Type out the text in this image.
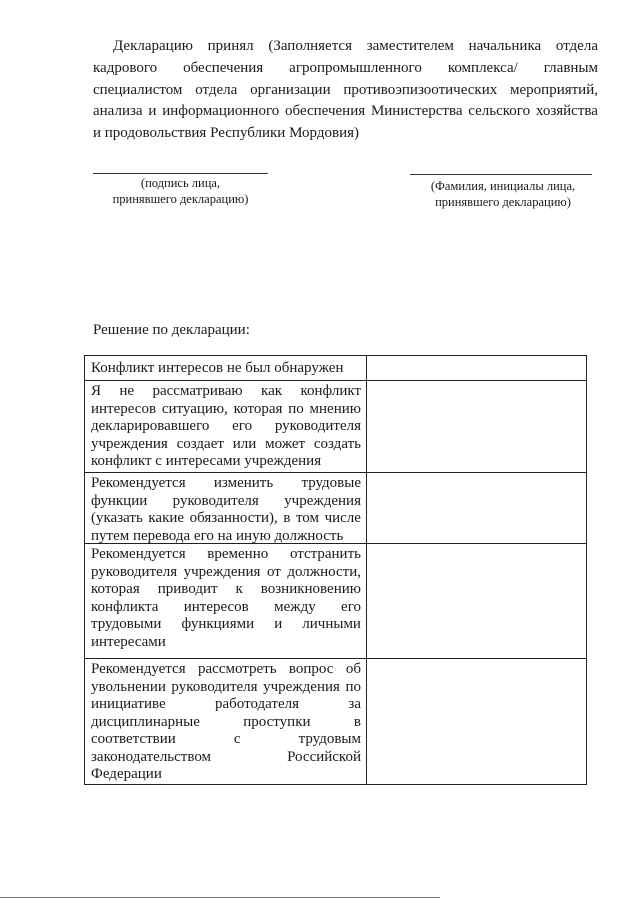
Декларацию принял (Заполняется заместителем начальника отдела
кадрового обеспечения агропромышленного комплекса/ главным
специалистом отдела организации противоэпизоотических мероприятий,
анализа и информационного обеспечения Министерства сельского хозяйства
и продовольствия Республики Мордовия)
(подпись лица,
принявшего декларацию)
(Фамилия, инициалы лица,
принявшего декларацию)
Решение по декларации:
Конфликт интересов не был обнаружен
Я не рассматриваю как конфликт
интересов ситуацию, которая по мнению
декларировавшего его руководителя
учреждения создает или может создать
конфликт с интересами учреждения
Рекомендуется изменить трудовые
функции руководителя учреждения
(указать какие обязанности), в том числе
путем перевода его на иную должность
Рекомендуется временно отстранить
руководителя учреждения от должности,
которая приводит к возникновению
конфликта интересов между его
трудовыми функциями и личными
интересами
Рекомендуется рассмотреть вопрос об
увольнении руководителя учреждения по
инициативе	работодателя	за
дисциплинарные	проступки	в
соответствии	с	трудовым
законодательством	Российской
Федерации
